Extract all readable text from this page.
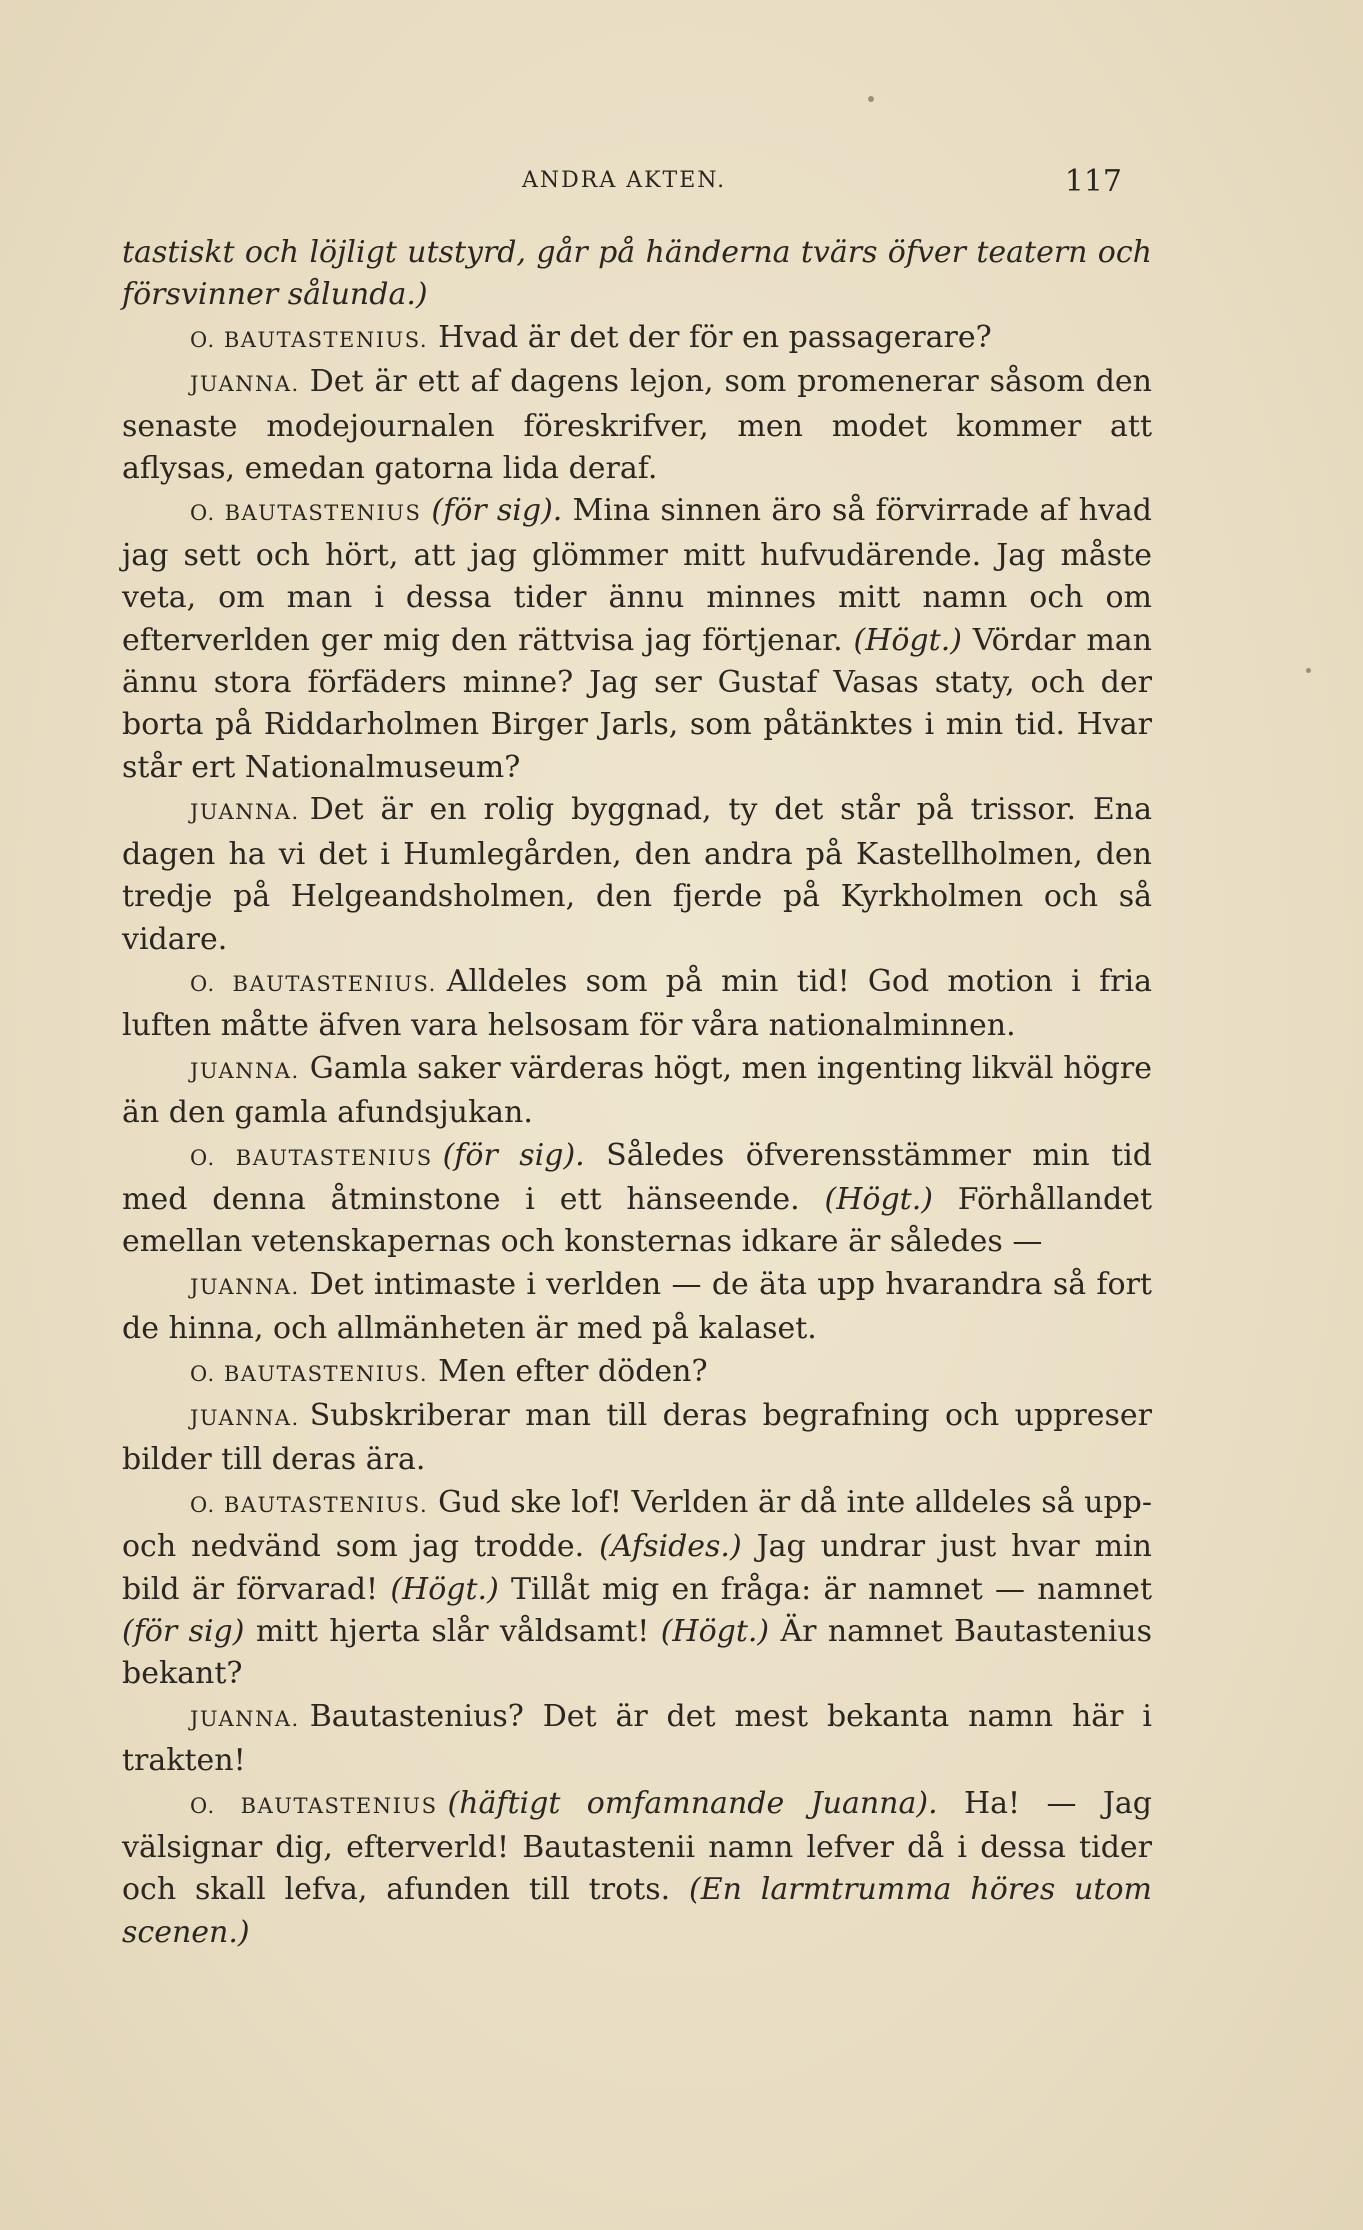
ANDRA AKTEN.	117

tastiskt och löjligt utstyrd, går på händerna tvärs öfver teatern och försvinner sålunda.)

O. BAUTASTENIUS. Hvad är det der för en passagerare?

JUANNA. Det är ett af dagens lejon, som promenerar såsom den senaste modejournalen föreskrifver, men modet kommer att aflysas, emedan gatorna lida deraf.

O. BAUTASTENIUS (för sig). Mina sinnen äro så förvirrade af hvad jag sett och hört, att jag glömmer mitt hufvudärende. Jag måste veta, om man i dessa tider ännu minnes mitt namn och om efterverlden ger mig den rättvisa jag förtjenar. (Högt.) Vördar man ännu stora förfäders minne? Jag ser Gustaf Vasas staty, och der borta på Riddarholmen Birger Jarls, som påtänktes i min tid. Hvar står ert Nationalmuseum?

JUANNA. Det är en rolig byggnad, ty det står på trissor. Ena dagen ha vi det i Humlegården, den andra på Kastellholmen, den tredje på Helgeandsholmen, den fjerde på Kyrkholmen och så vidare.

O. BAUTASTENIUS. Alldeles som på min tid! God motion i fria luften måtte äfven vara helsosam för våra nationalminnen.

JUANNA. Gamla saker värderas högt, men ingenting likväl högre än den gamla afundsjukan.

O. BAUTASTENIUS (för sig). Således öfverensstämmer min tid med denna åtminstone i ett hänseende. (Högt.) Förhållandet emellan vetenskapernas och konsternas idkare är således —

JUANNA. Det intimaste i verlden — de äta upp hvarandra så fort de hinna, och allmänheten är med på kalaset.

O. BAUTASTENIUS. Men efter döden?

JUANNA. Subskriberar man till deras begrafning och uppreser bilder till deras ära.

O. BAUTASTENIUS. Gud ske lof! Verlden är då inte alldeles så upp- och nedvänd som jag trodde. (Afsides.) Jag undrar just hvar min bild är förvarad! (Högt.) Tillåt mig en fråga: är namnet — namnet (för sig) mitt hjerta slår våldsamt! (Högt.) Är namnet Bautastenius bekant?

JUANNA. Bautastenius? Det är det mest bekanta namn här i trakten!

O. BAUTASTENIUS (häftigt omfamnande Juanna). Ha! — Jag välsignar dig, efterverld! Bautastenii namn lefver då i dessa tider och skall lefva, afunden till trots. (En larmtrumma höres utom scenen.)
